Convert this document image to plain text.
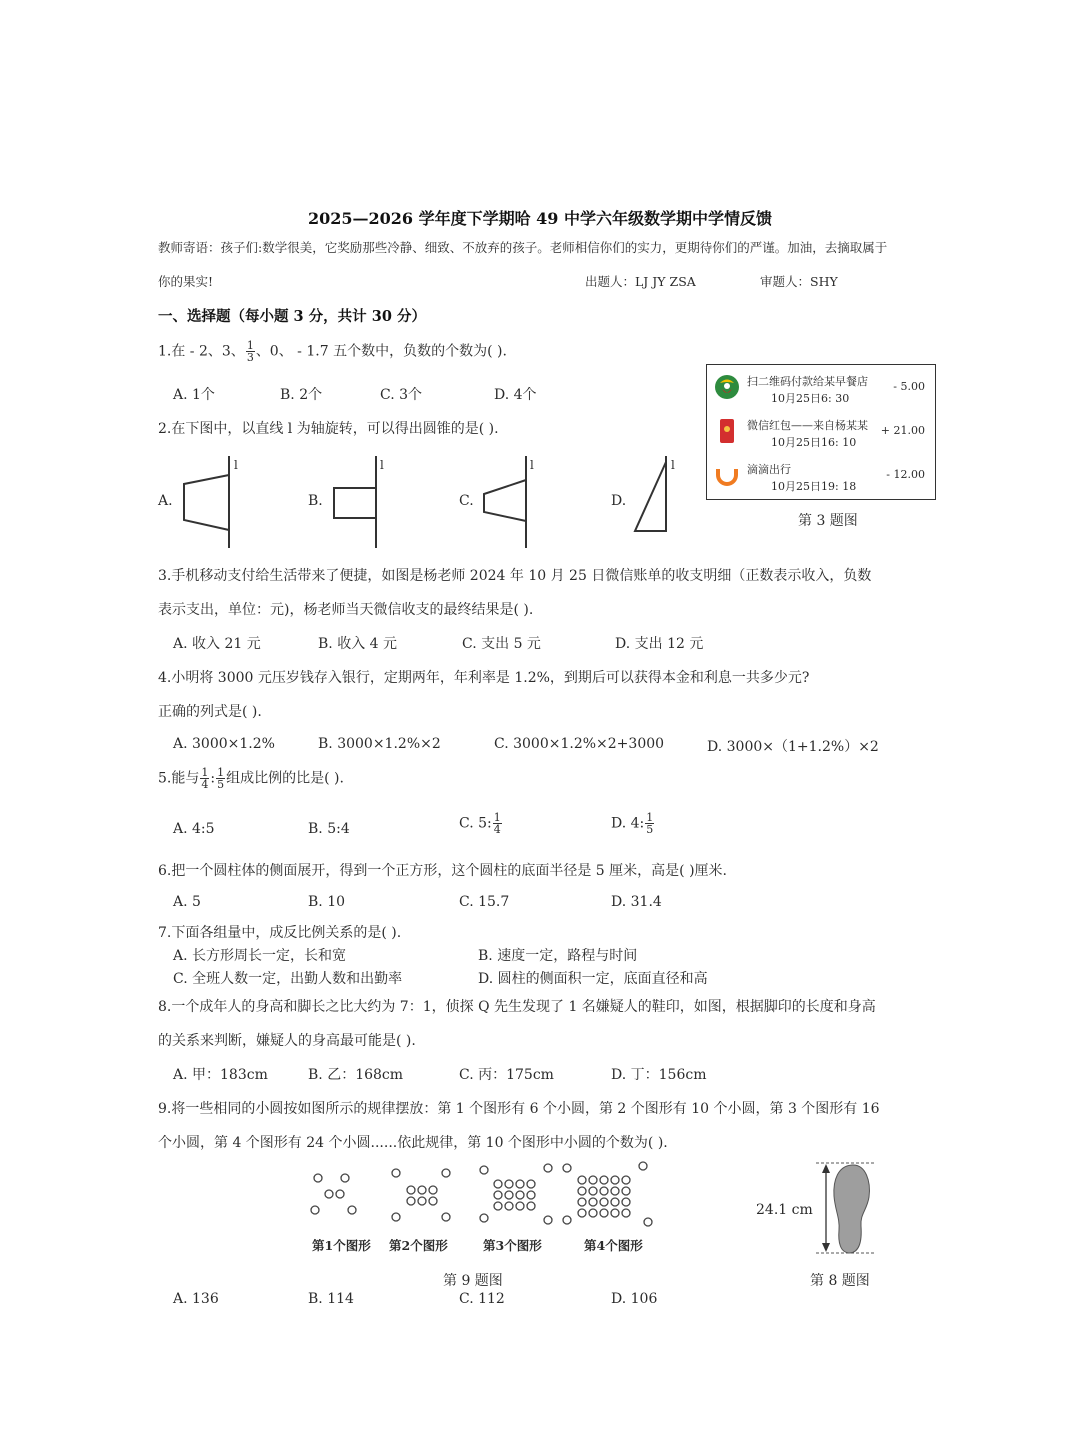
2025—2026 学年度下学期哈 49 中学六年级数学期中学情反馈
教师寄语：孩子们:数学很美，它奖励那些冷静、细致、不放弃的孩子。老师相信你们的实力，更期待你们的严谨。加油，去摘取属于
你的果实!	出题人：LJ JY ZSA	审题人：SHY
一、选择题（每小题 3 分，共计 30 分）
1.在 - 2、3、 $\frac{1}{3}$ 、0、 - 1.7 五个数中，负数的个数为( ).
A. 1个	B. 2个	C. 3个	D. 4个
2.在下图中，以直线 l 为轴旋转，可以得出圆锥的是( ).
A.	B.	C.	D.
l	l	l	l
扫二维码付款给某早餐店
10月25日6: 30
- 5.00
微信红包——来自杨某某
10月25日16: 10
+ 21.00
滴滴出行
10月25日19: 18
- 12.00
第 3 题图
3.手机移动支付给生活带来了便捷，如图是杨老师 2024 年 10 月 25 日微信账单的收支明细（正数表示收入，负数
表示支出，单位：元)，杨老师当天微信收支的最终结果是( ).
A. 收入 21 元	B. 收入 4 元	C. 支出 5 元	D. 支出 12 元
4.小明将 3000 元压岁钱存入银行，定期两年，年利率是 1.2%，到期后可以获得本金和利息一共多少元?
正确的列式是( ).
A. 3000×1.2%	B. 3000×1.2%×2	C. 3000×1.2%×2+3000	D. 3000×（1+1.2%）×2
5.能与 $\frac{1}{4}$ : $\frac{1}{5}$ 组成比例的比是( ).
A. 4:5	B. 5:4	C. 5: $\frac{1}{4}$	D. 4: $\frac{1}{5}$
6.把一个圆柱体的侧面展开，得到一个正方形，这个圆柱的底面半径是 5 厘米，高是( )厘米.
A. 5	B. 10	C. 15.7	D. 31.4
7.下面各组量中，成反比例关系的是( ).
A. 长方形周长一定，长和宽	B. 速度一定，路程与时间
C. 全班人数一定，出勤人数和出勤率	D. 圆柱的侧面积一定，底面直径和高
8.一个成年人的身高和脚长之比大约为 7：1，侦探 Q 先生发现了 1 名嫌疑人的鞋印，如图，根据脚印的长度和身高
的关系来判断，嫌疑人的身高最可能是( ).
A. 甲：183cm	B. 乙：168cm	C. 丙：175cm	D. 丁：156cm
9.将一些相同的小圆按如图所示的规律摆放：第 1 个图形有 6 个小圆，第 2 个图形有 10 个小圆，第 3 个图形有 16
个小圆，第 4 个图形有 24 个小圆......依此规律，第 10 个图形中小圆的个数为( ).
第1个图形 第2个图形	第3个图形	第4个图形
第 9 题图
24.1 cm
第 8 题图
A. 136	B. 114	C. 112	D. 106
